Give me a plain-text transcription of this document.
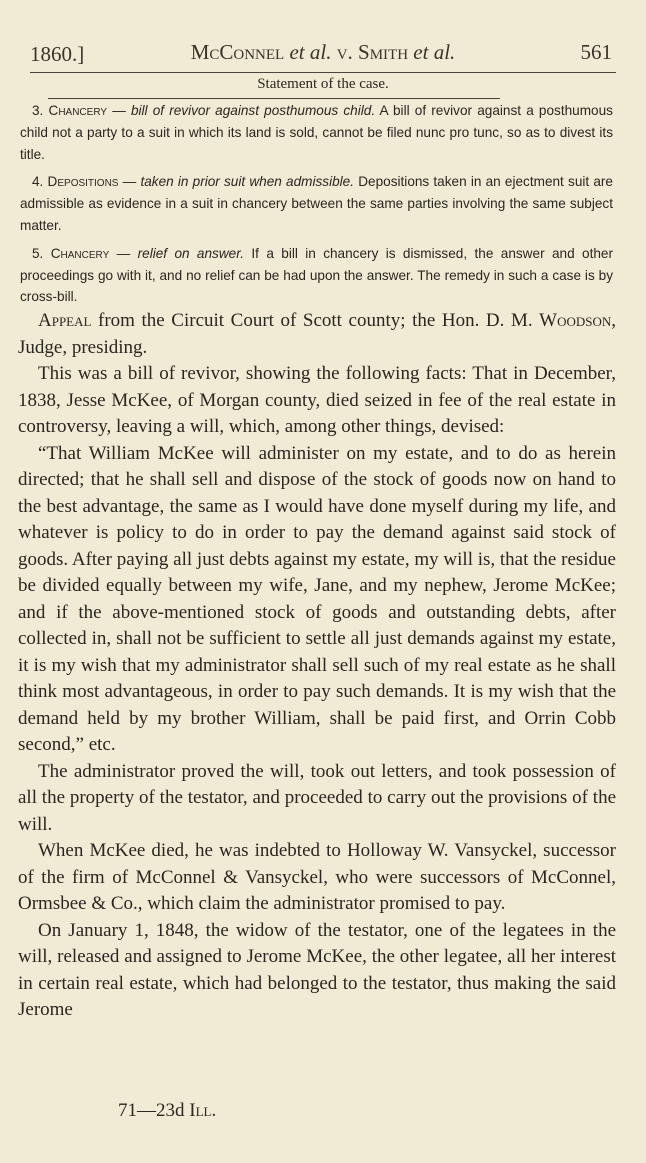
1860.]	McConnel et al. v. Smith et al.	561
Statement of the case.

3. Chancery — bill of revivor against posthumous child. A bill of revivor against a posthumous child not a party to a suit in which its land is sold, cannot be filed nunc pro tunc, so as to divest its title.

4. Depositions — taken in prior suit when admissible. Depositions taken in an ejectment suit are admissible as evidence in a suit in chancery between the same parties involving the same subject matter.

5. Chancery — relief on answer. If a bill in chancery is dismissed, the answer and other proceedings go with it, and no relief can be had upon the answer. The remedy in such a case is by cross-bill.

Appeal from the Circuit Court of Scott county; the Hon. D. M. Woodson, Judge, presiding.

This was a bill of revivor, showing the following facts: That in December, 1838, Jesse McKee, of Morgan county, died seized in fee of the real estate in controversy, leaving a will, which, among other things, devised:

“That William McKee will administer on my estate, and to do as herein directed; that he shall sell and dispose of the stock of goods now on hand to the best advantage, the same as I would have done myself during my life, and whatever is policy to do in order to pay the demand against said stock of goods. After paying all just debts against my estate, my will is, that the residue be divided equally between my wife, Jane, and my nephew, Jerome McKee; and if the above-mentioned stock of goods and outstanding debts, after collected in, shall not be sufficient to settle all just demands against my estate, it is my wish that my administrator shall sell such of my real estate as he shall think most advantageous, in order to pay such demands. It is my wish that the demand held by my brother William, shall be paid first, and Orrin Cobb second,” etc.

The administrator proved the will, took out letters, and took possession of all the property of the testator, and proceeded to carry out the provisions of the will.

When McKee died, he was indebted to Holloway W. Vansyckel, successor of the firm of McConnel & Vansyckel, who were successors of McConnel, Ormsbee & Co., which claim the administrator promised to pay.

On January 1, 1848, the widow of the testator, one of the legatees in the will, released and assigned to Jerome McKee, the other legatee, all her interest in certain real estate, which had belonged to the testator, thus making the said Jerome

71—23d Ill.
